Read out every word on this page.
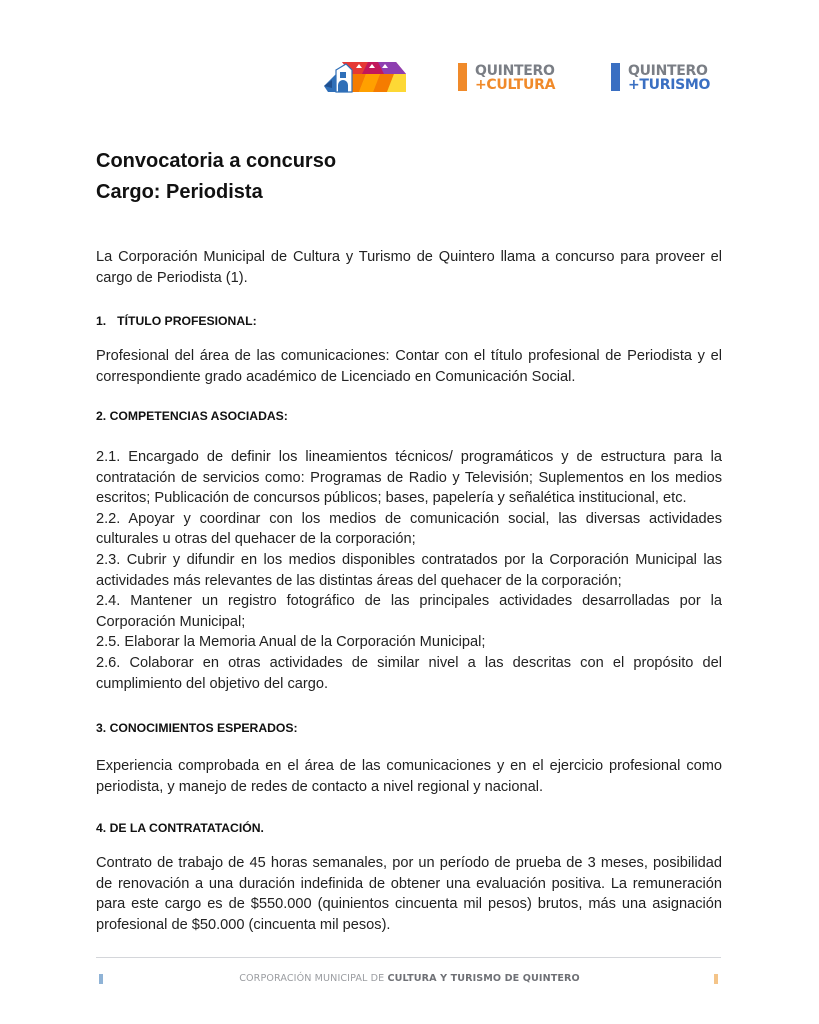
QUINTERO
+CULTURA
QUINTERO
+TURISMO
Convocatoria a concurso
Cargo: Periodista

La Corporación Municipal de Cultura y Turismo de Quintero llama a concurso para proveer el cargo de Periodista (1).

1. TÍTULO PROFESIONAL:

Profesional del área de las comunicaciones: Contar con el título profesional de Periodista y el correspondiente grado académico de Licenciado en Comunicación Social.

2. COMPETENCIAS ASOCIADAS:

2.1. Encargado de definir los lineamientos técnicos/ programáticos y de estructura para la contratación de servicios como: Programas de Radio y Televisión; Suplementos en los medios escritos; Publicación de concursos públicos; bases, papelería y señalética institucional, etc.

2.2. Apoyar y coordinar con los medios de comunicación social, las diversas actividades culturales u otras del quehacer de la corporación;

2.3. Cubrir y difundir en los medios disponibles contratados por la Corporación Municipal las actividades más relevantes de las distintas áreas del quehacer de la corporación;

2.4. Mantener un registro fotográfico de las principales actividades desarrolladas por la Corporación Municipal;

2.5. Elaborar la Memoria Anual de la Corporación Municipal;

2.6. Colaborar en otras actividades de similar nivel a las descritas con el propósito del cumplimiento del objetivo del cargo.

3. CONOCIMIENTOS ESPERADOS:

Experiencia comprobada en el área de las comunicaciones y en el ejercicio profesional como periodista, y manejo de redes de contacto a nivel regional y nacional.

4. DE LA CONTRATATACIÓN.

Contrato de trabajo de 45 horas semanales, por un período de prueba de 3 meses, posibilidad de renovación a una duración indefinida de obtener una evaluación positiva. La remuneración para este cargo es de $550.000 (quinientos cincuenta mil pesos) brutos, más una asignación profesional de $50.000 (cincuenta mil pesos).

CORPORACIÓN MUNICIPAL DE CULTURA Y TURISMO DE QUINTERO
